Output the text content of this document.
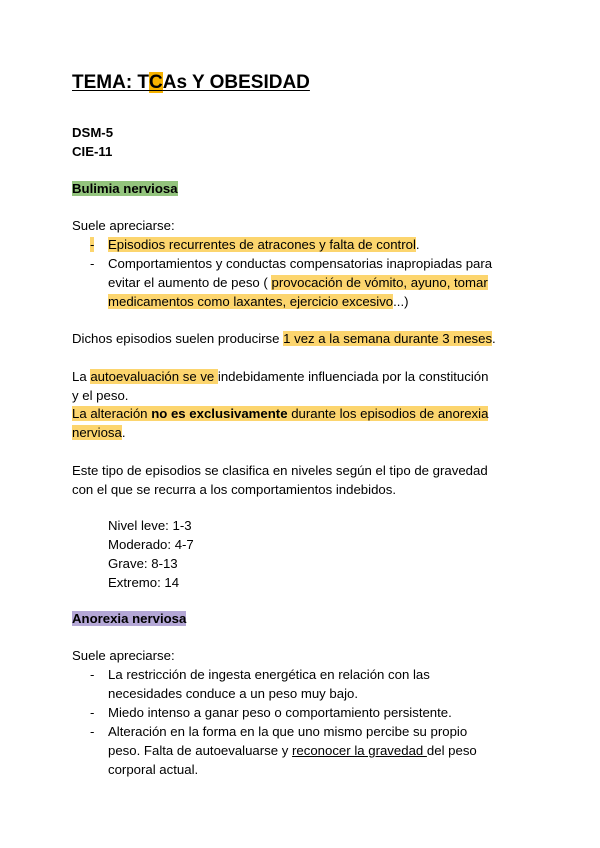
TEMA: TCAs Y OBESIDAD
DSM-5
CIE-11
Bulimia nerviosa
Suele apreciarse:
- Episodios recurrentes de atracones y falta de control.
- Comportamientos y conductas compensatorias inapropiadas para
evitar el aumento de peso ( provocación de vómito, ayuno, tomar
medicamentos como laxantes, ejercicio excesivo...)
Dichos episodios suelen producirse 1 vez a la semana durante 3 meses.
La autoevaluación se ve indebidamente influenciada por la constitución
y el peso.
La alteración no es exclusivamente durante los episodios de anorexia
nerviosa.
Este tipo de episodios se clasifica en niveles según el tipo de gravedad
con el que se recurra a los comportamientos indebidos.
Nivel leve: 1-3
Moderado: 4-7
Grave: 8-13
Extremo: 14
Anorexia nerviosa
Suele apreciarse:
- La restricción de ingesta energética en relación con las
necesidades conduce a un peso muy bajo.
- Miedo intenso a ganar peso o comportamiento persistente.
- Alteración en la forma en la que uno mismo percibe su propio
peso. Falta de autoevaluarse y reconocer la gravedad del peso
corporal actual.
